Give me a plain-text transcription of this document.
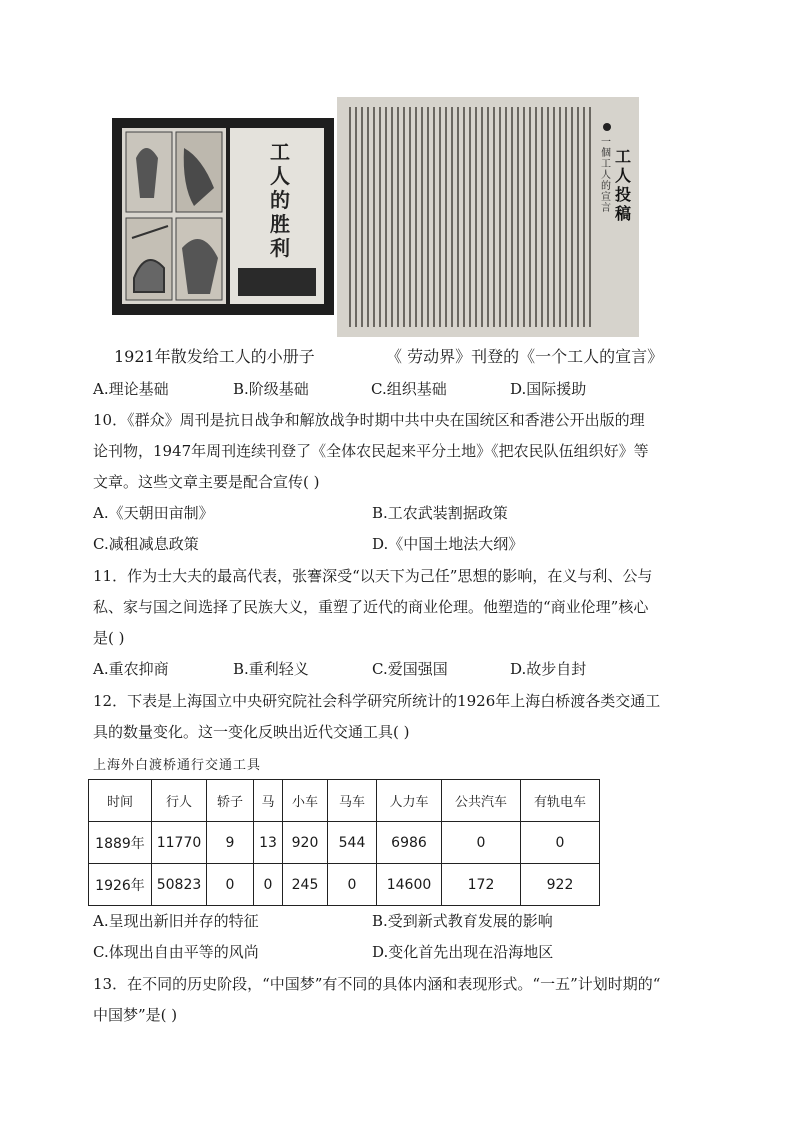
工人的胜利
一個工人的宣言
工人投稿
1921年散发给工人的小册子	《 劳动界》刊登的《一个工人的宣言》
A.理论基础	B.阶级基础	C.组织基础	D.国际援助
10．《群众》周刊是抗日战争和解放战争时期中共中央在国统区和香港公开出版的理
论刊物，1947年周刊连续刊登了《全体农民起来平分土地》《把农民队伍组织好》等
文章。这些文章主要是配合宣传( )
A.《天朝田亩制》	B.工农武装割据政策
C.减租减息政策	D.《中国土地法大纲》
11．作为士大夫的最高代表，张謇深受“以天下为己任”思想的影响，在义与利、公与
私、家与国之间选择了民族大义，重塑了近代的商业伦理。他塑造的“商业伦理”核心
是( )
A.重农抑商	B.重利轻义	C.爱国强国	D.故步自封
12．下表是上海国立中央研究院社会科学研究所统计的1926年上海白桥渡各类交通工
具的数量变化。这一变化反映出近代交通工具( )
上海外白渡桥通行交通工具
时间	行人	轿子	马	小车	马车	人力车	公共汽车	有轨电车
1889年	11770	9	13	920	544	6986	0	0
1926年	50823	0	0	245	0	14600	172	922
A.呈现出新旧并存的特征	B.受到新式教育发展的影响
C.体现出自由平等的风尚	D.变化首先出现在沿海地区
13．在不同的历史阶段，“中国梦”有不同的具体内涵和表现形式。“一五”计划时期的“
中国梦”是( )
